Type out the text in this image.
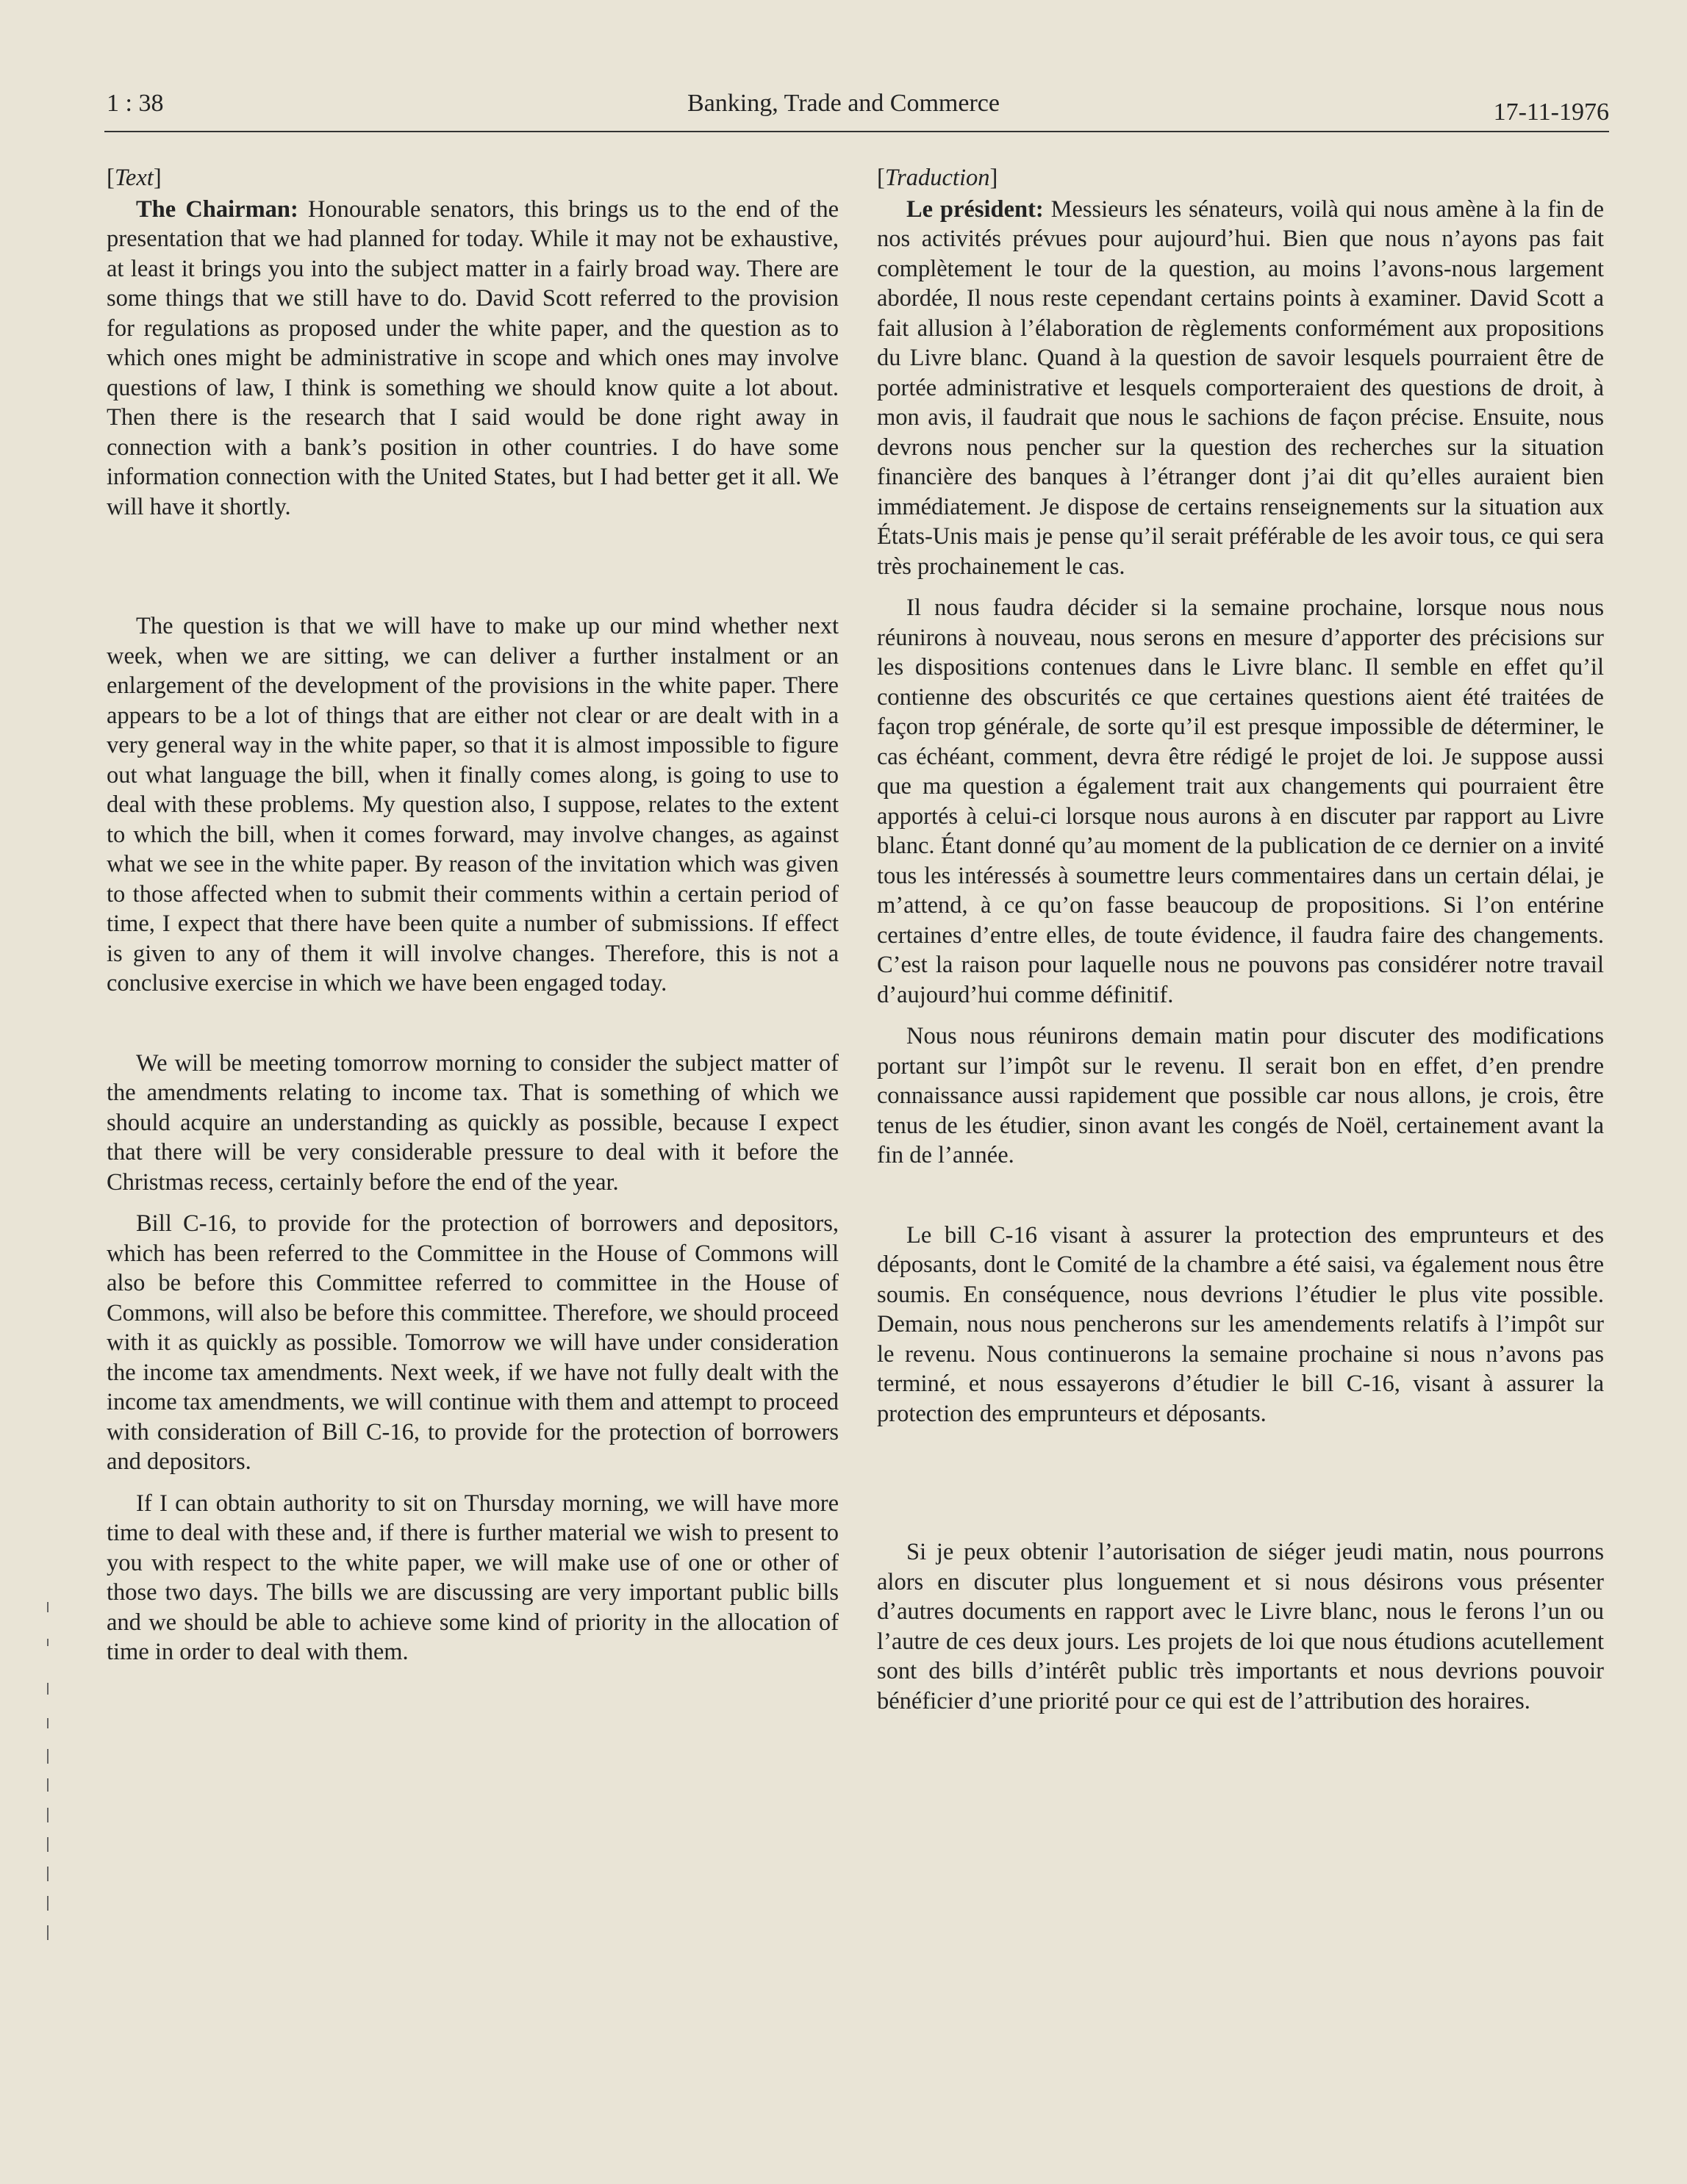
1 : 38	Banking, Trade and Commerce	17-11-1976
[Text]

The Chairman: Honourable senators, this brings us to the end of the presentation that we had planned for today. While it may not be exhaustive, at least it brings you into the subject matter in a fairly broad way. There are some things that we still have to do. David Scott referred to the provision for regulations as proposed under the white paper, and the question as to which ones might be administrative in scope and which ones may involve questions of law, I think is something we should know quite a lot about. Then there is the research that I said would be done right away in connection with a bank’s position in other countries. I do have some information connection with the United States, but I had better get it all. We will have it shortly.

The question is that we will have to make up our mind whether next week, when we are sitting, we can deliver a further instalment or an enlargement of the development of the provisions in the white paper. There appears to be a lot of things that are either not clear or are dealt with in a very general way in the white paper, so that it is almost impossible to figure out what language the bill, when it finally comes along, is going to use to deal with these problems. My question also, I suppose, relates to the extent to which the bill, when it comes forward, may involve changes, as against what we see in the white paper. By reason of the invitation which was given to those affected when to submit their comments within a certain period of time, I expect that there have been quite a number of submissions. If effect is given to any of them it will involve changes. Therefore, this is not a conclusive exercise in which we have been engaged today.

We will be meeting tomorrow morning to consider the subject matter of the amendments relating to income tax. That is something of which we should acquire an understanding as quickly as possible, because I expect that there will be very considerable pressure to deal with it before the Christmas recess, certainly before the end of the year.

Bill C-16, to provide for the protection of borrowers and depositors, which has been referred to the Committee in the House of Commons will also be before this Committee referred to committee in the House of Commons, will also be before this committee. Therefore, we should proceed with it as quickly as possible. Tomorrow we will have under consideration the income tax amendments. Next week, if we have not fully dealt with the income tax amendments, we will continue with them and attempt to proceed with consideration of Bill C-16, to provide for the protection of borrowers and depositors.

If I can obtain authority to sit on Thursday morning, we will have more time to deal with these and, if there is further material we wish to present to you with respect to the white paper, we will make use of one or other of those two days. The bills we are discussing are very important public bills and we should be able to achieve some kind of priority in the allocation of time in order to deal with them.

[Traduction]

Le président: Messieurs les sénateurs, voilà qui nous amène à la fin de nos activités prévues pour aujourd’hui. Bien que nous n’ayons pas fait complètement le tour de la question, au moins l’avons-nous largement abordée, Il nous reste cependant certains points à examiner. David Scott a fait allusion à l’élaboration de règlements conformément aux propositions du Livre blanc. Quand à la question de savoir lesquels pourraient être de portée administrative et lesquels comporteraient des questions de droit, à mon avis, il faudrait que nous le sachions de façon précise. Ensuite, nous devrons nous pencher sur la question des recherches sur la situation financière des banques à l’étranger dont j’ai dit qu’elles auraient bien immédiatement. Je dispose de certains renseignements sur la situation aux États-Unis mais je pense qu’il serait préférable de les avoir tous, ce qui sera très prochainement le cas.

Il nous faudra décider si la semaine prochaine, lorsque nous nous réunirons à nouveau, nous serons en mesure d’apporter des précisions sur les dispositions contenues dans le Livre blanc. Il semble en effet qu’il contienne des obscurités ce que certaines questions aient été traitées de façon trop générale, de sorte qu’il est presque impossible de déterminer, le cas échéant, comment, devra être rédigé le projet de loi. Je suppose aussi que ma question a également trait aux changements qui pourraient être apportés à celui-ci lorsque nous aurons à en discuter par rapport au Livre blanc. Étant donné qu’au moment de la publication de ce dernier on a invité tous les intéressés à soumettre leurs commentaires dans un certain délai, je m’attend, à ce qu’on fasse beaucoup de propositions. Si l’on entérine certaines d’entre elles, de toute évidence, il faudra faire des changements. C’est la raison pour laquelle nous ne pouvons pas considérer notre travail d’aujourd’hui comme définitif.

Nous nous réunirons demain matin pour discuter des modifications portant sur l’impôt sur le revenu. Il serait bon en effet, d’en prendre connaissance aussi rapidement que possible car nous allons, je crois, être tenus de les étudier, sinon avant les congés de Noël, certainement avant la fin de l’année.

Le bill C-16 visant à assurer la protection des emprunteurs et des déposants, dont le Comité de la chambre a été saisi, va également nous être soumis. En conséquence, nous devrions l’étudier le plus vite possible. Demain, nous nous pencherons sur les amendements relatifs à l’impôt sur le revenu. Nous continuerons la semaine prochaine si nous n’avons pas terminé, et nous essayerons d’étudier le bill C-16, visant à assurer la protection des emprunteurs et déposants.

Si je peux obtenir l’autorisation de siéger jeudi matin, nous pourrons alors en discuter plus longuement et si nous désirons vous présenter d’autres documents en rapport avec le Livre blanc, nous le ferons l’un ou l’autre de ces deux jours. Les projets de loi que nous étudions acutellement sont des bills d’intérêt public très importants et nous devrions pouvoir bénéficier d’une priorité pour ce qui est de l’attribution des horaires.
